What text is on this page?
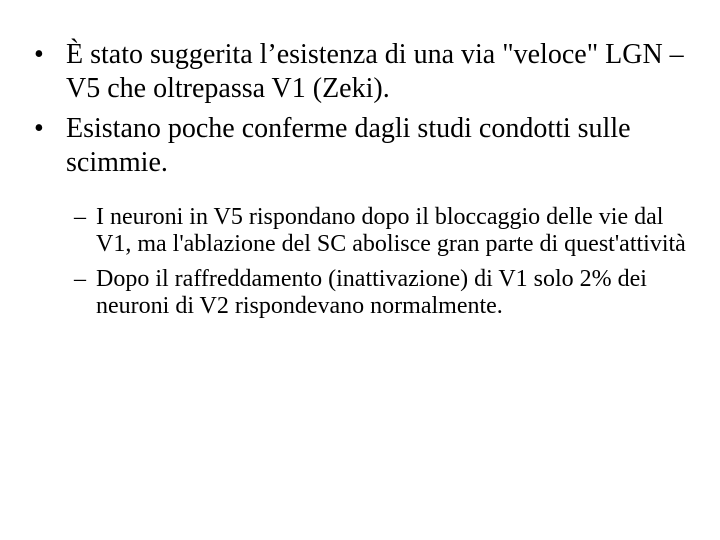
• È stato suggerita l’esistenza di una via "veloce" LGN – V5 che oltrepassa V1 (Zeki).
• Esistano poche conferme dagli studi condotti sulle scimmie.
– I neuroni in V5 rispondano dopo il bloccaggio delle vie dal V1, ma l'ablazione del SC abolisce gran parte di quest'attività
– Dopo il raffreddamento (inattivazione) di V1 solo 2% dei neuroni di V2 rispondevano normalmente.
